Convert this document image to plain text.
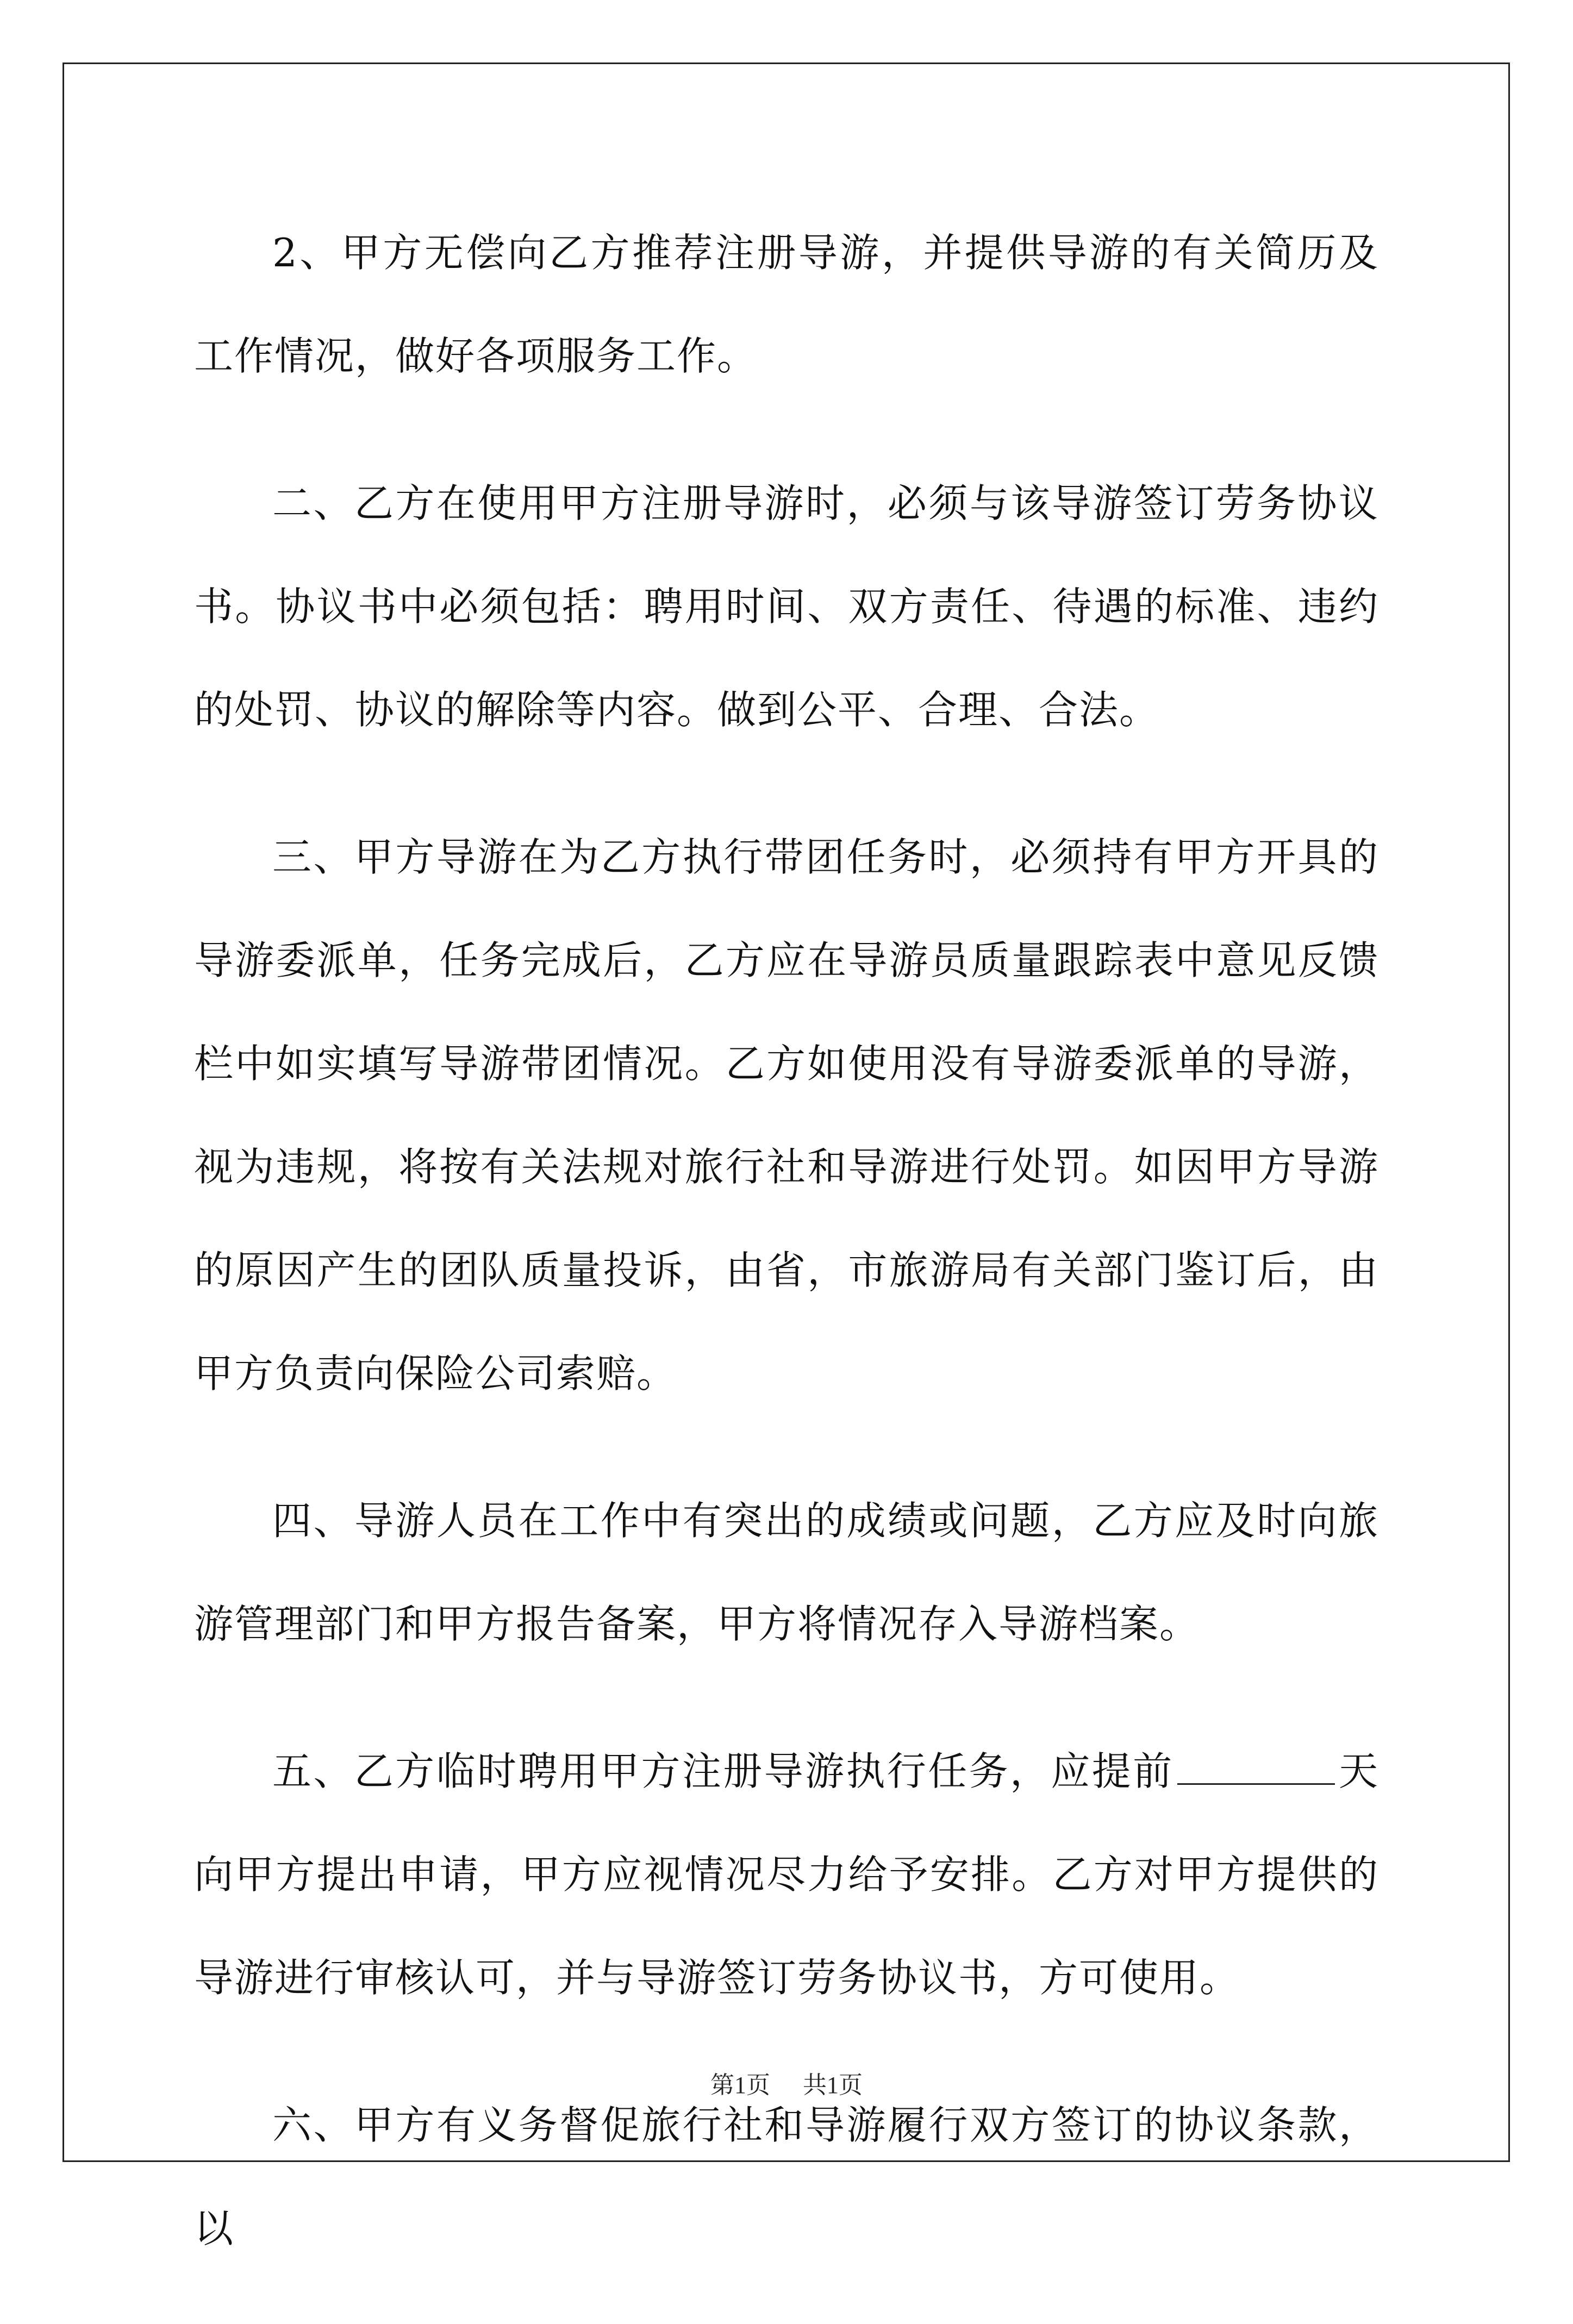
2、甲方无偿向乙方推荐注册导游，并提供导游的有关简历及工作情况，做好各项服务工作。

二、乙方在使用甲方注册导游时，必须与该导游签订劳务协议书。协议书中必须包括：聘用时间、双方责任、待遇的标准、违约的处罚、协议的解除等内容。做到公平、合理、合法。

三、甲方导游在为乙方执行带团任务时，必须持有甲方开具的导游委派单，任务完成后，乙方应在导游员质量跟踪表中意见反馈栏中如实填写导游带团情况。乙方如使用没有导游委派单的导游，视为违规，将按有关法规对旅行社和导游进行处罚。如因甲方导游的原因产生的团队质量投诉，由省，市旅游局有关部门鉴订后，由甲方负责向保险公司索赔。

四、导游人员在工作中有突出的成绩或问题，乙方应及时向旅游管理部门和甲方报告备案，甲方将情况存入导游档案。

五、乙方临时聘用甲方注册导游执行任务，应提前	天向甲方提出申请，甲方应视情况尽力给予安排。乙方对甲方提供的导游进行审核认可，并与导游签订劳务协议书，方可使用。

六、甲方有义务督促旅行社和导游履行双方签订的协议条款，以

第1页 共1页
